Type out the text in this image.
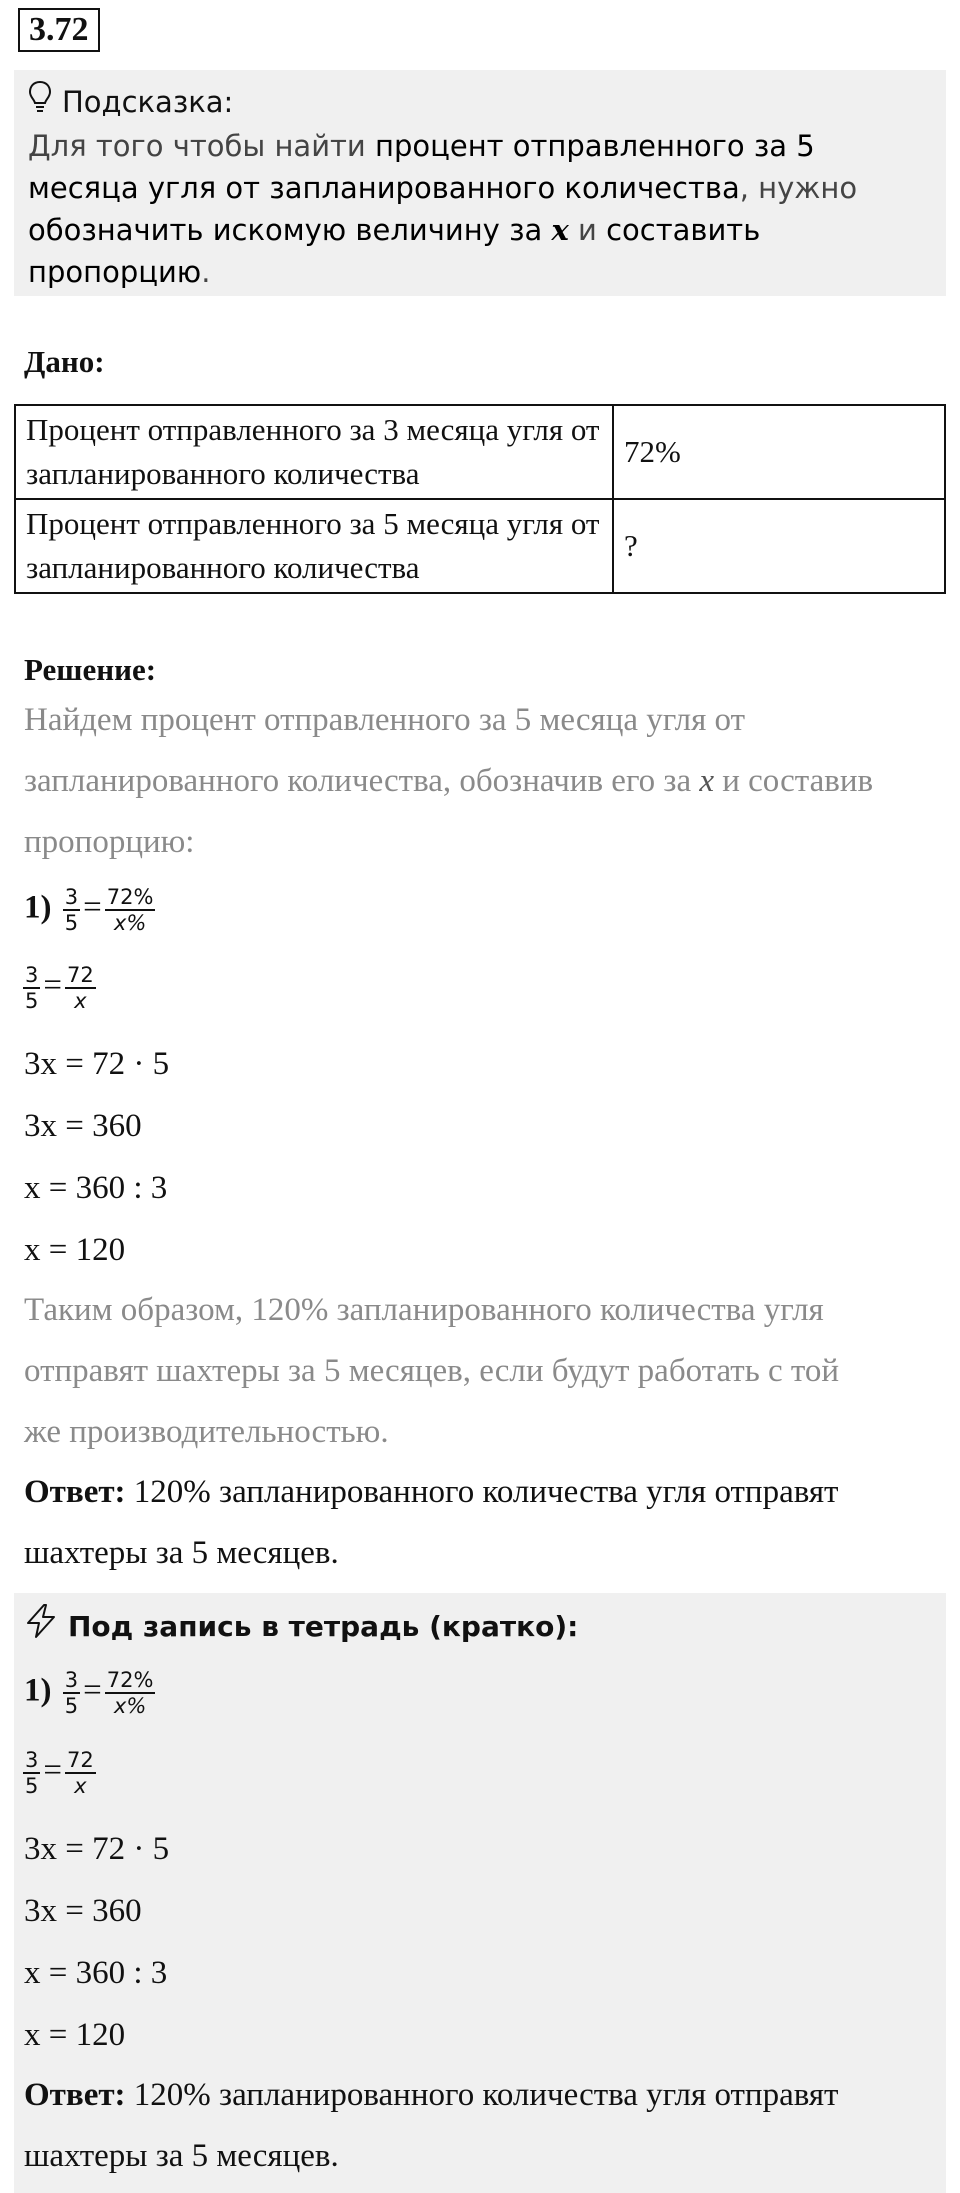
3.72
Подсказка:
Для того чтобы найти процент отправленного за 5 месяца угля от запланированного количества, нужно обозначить искомую величину за x и составить пропорцию.
Дано:
Процент отправленного за 3 месяца угля от запланированного количества	72%
Процент отправленного за 5 месяца угля от запланированного количества	?
Решение:
Найдем процент отправленного за 5 месяца угля от
запланированного количества, обозначив его за x и составив
пропорцию:
$1) \frac{3}{5} = \frac{72\%}{x\%}$
$\frac{3}{5} = \frac{72}{x}$
3x = 72 · 5
3x = 360
x = 360 : 3
x = 120
Таким образом, 120% запланированного количества угля
отправят шахтеры за 5 месяцев, если будут работать с той
же производительностью.
Ответ: 120% запланированного количества угля отправят
шахтеры за 5 месяцев.
Под запись в тетрадь (кратко):
$1) \frac{3}{5} = \frac{72\%}{x\%}$
$\frac{3}{5} = \frac{72}{x}$
3x = 72 · 5
3x = 360
x = 360 : 3
x = 120
Ответ: 120% запланированного количества угля отправят
шахтеры за 5 месяцев.
